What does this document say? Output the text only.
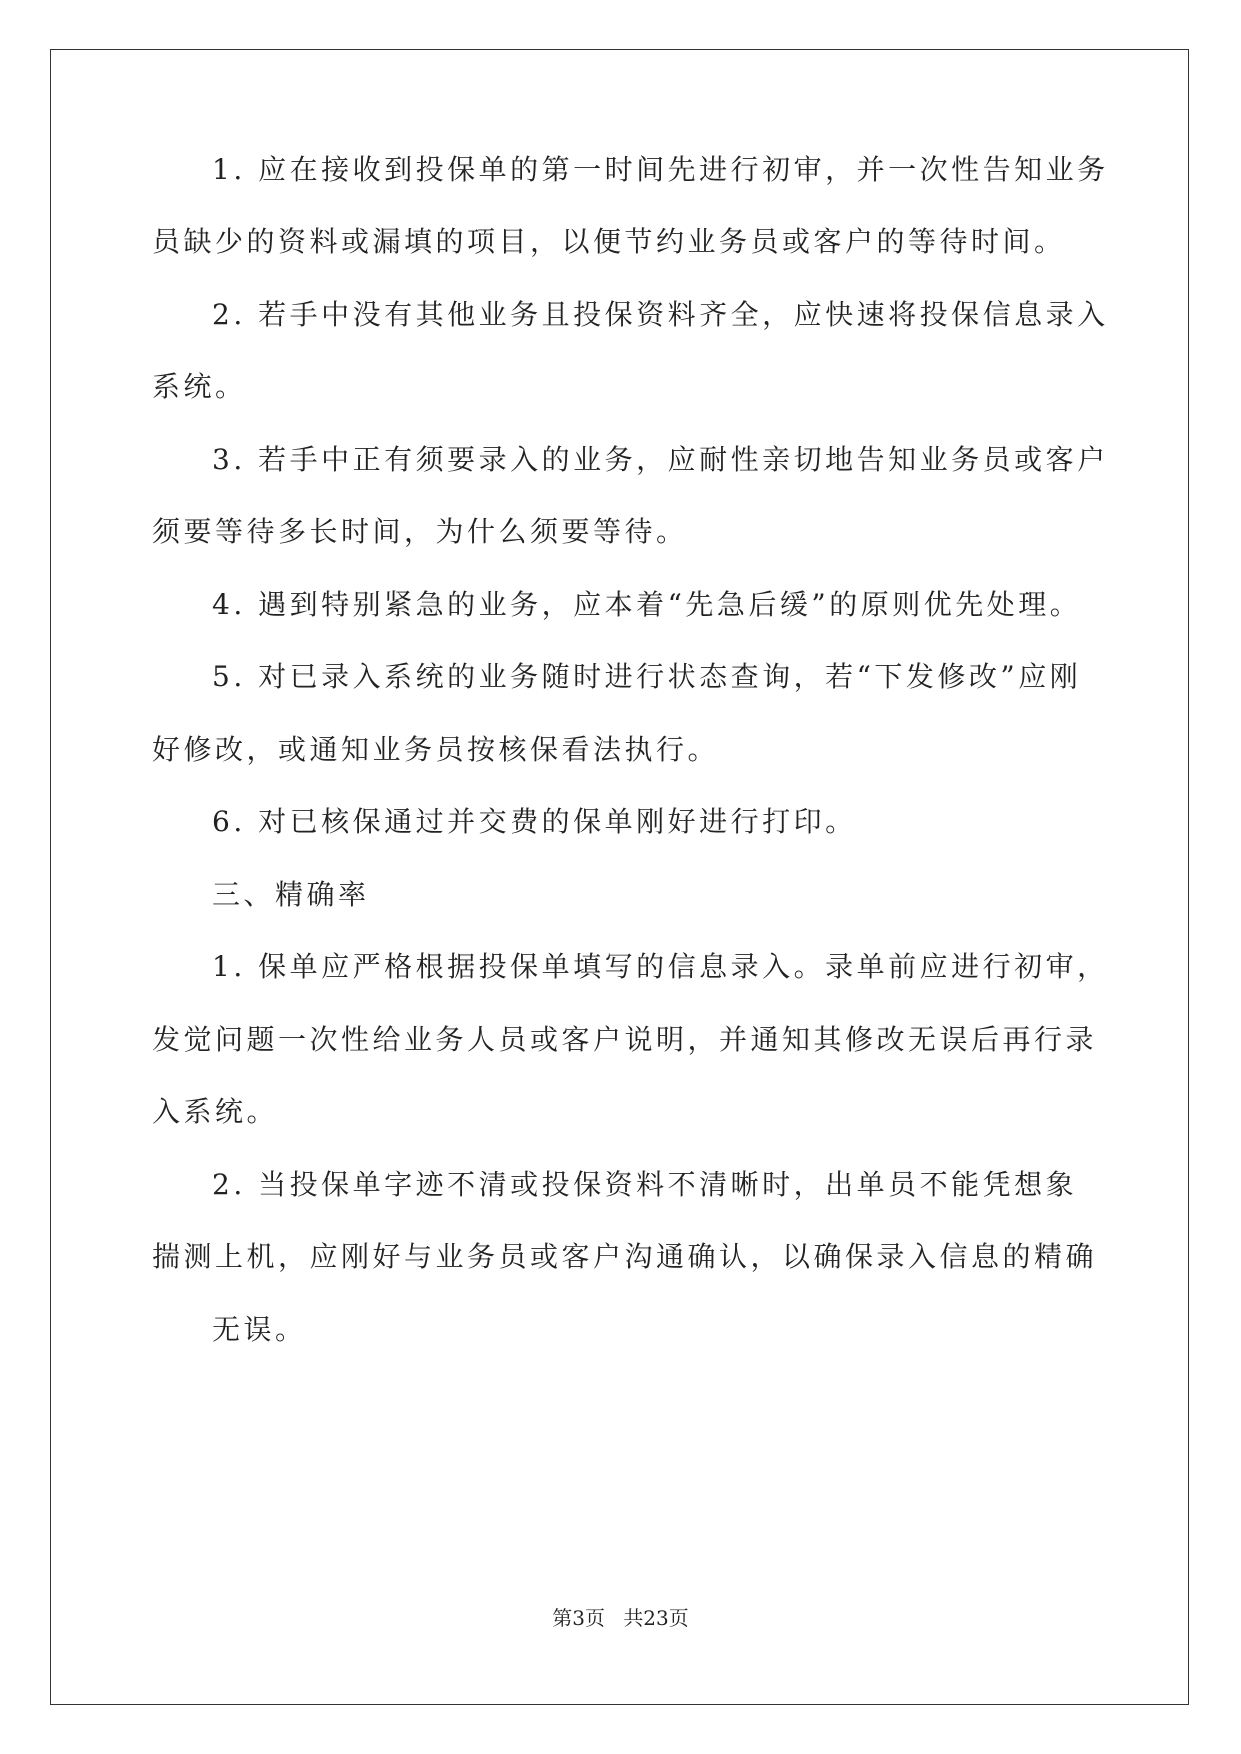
1. 应在接收到投保单的第一时间先进行初审，并一次性告知业务
员缺少的资料或漏填的项目，以便节约业务员或客户的等待时间。
2. 若手中没有其他业务且投保资料齐全，应快速将投保信息录入
系统。
3. 若手中正有须要录入的业务，应耐性亲切地告知业务员或客户
须要等待多长时间，为什么须要等待。
4. 遇到特别紧急的业务，应本着“先急后缓”的原则优先处理。
5. 对已录入系统的业务随时进行状态查询，若“下发修改”应刚
好修改，或通知业务员按核保看法执行。
6. 对已核保通过并交费的保单刚好进行打印。
三、精确率
1. 保单应严格根据投保单填写的信息录入。录单前应进行初审，
发觉问题一次性给业务人员或客户说明，并通知其修改无误后再行录
入系统。
2. 当投保单字迹不清或投保资料不清晰时，出单员不能凭想象
揣测上机，应刚好与业务员或客户沟通确认，以确保录入信息的精确
无误。
第3页 共23页
